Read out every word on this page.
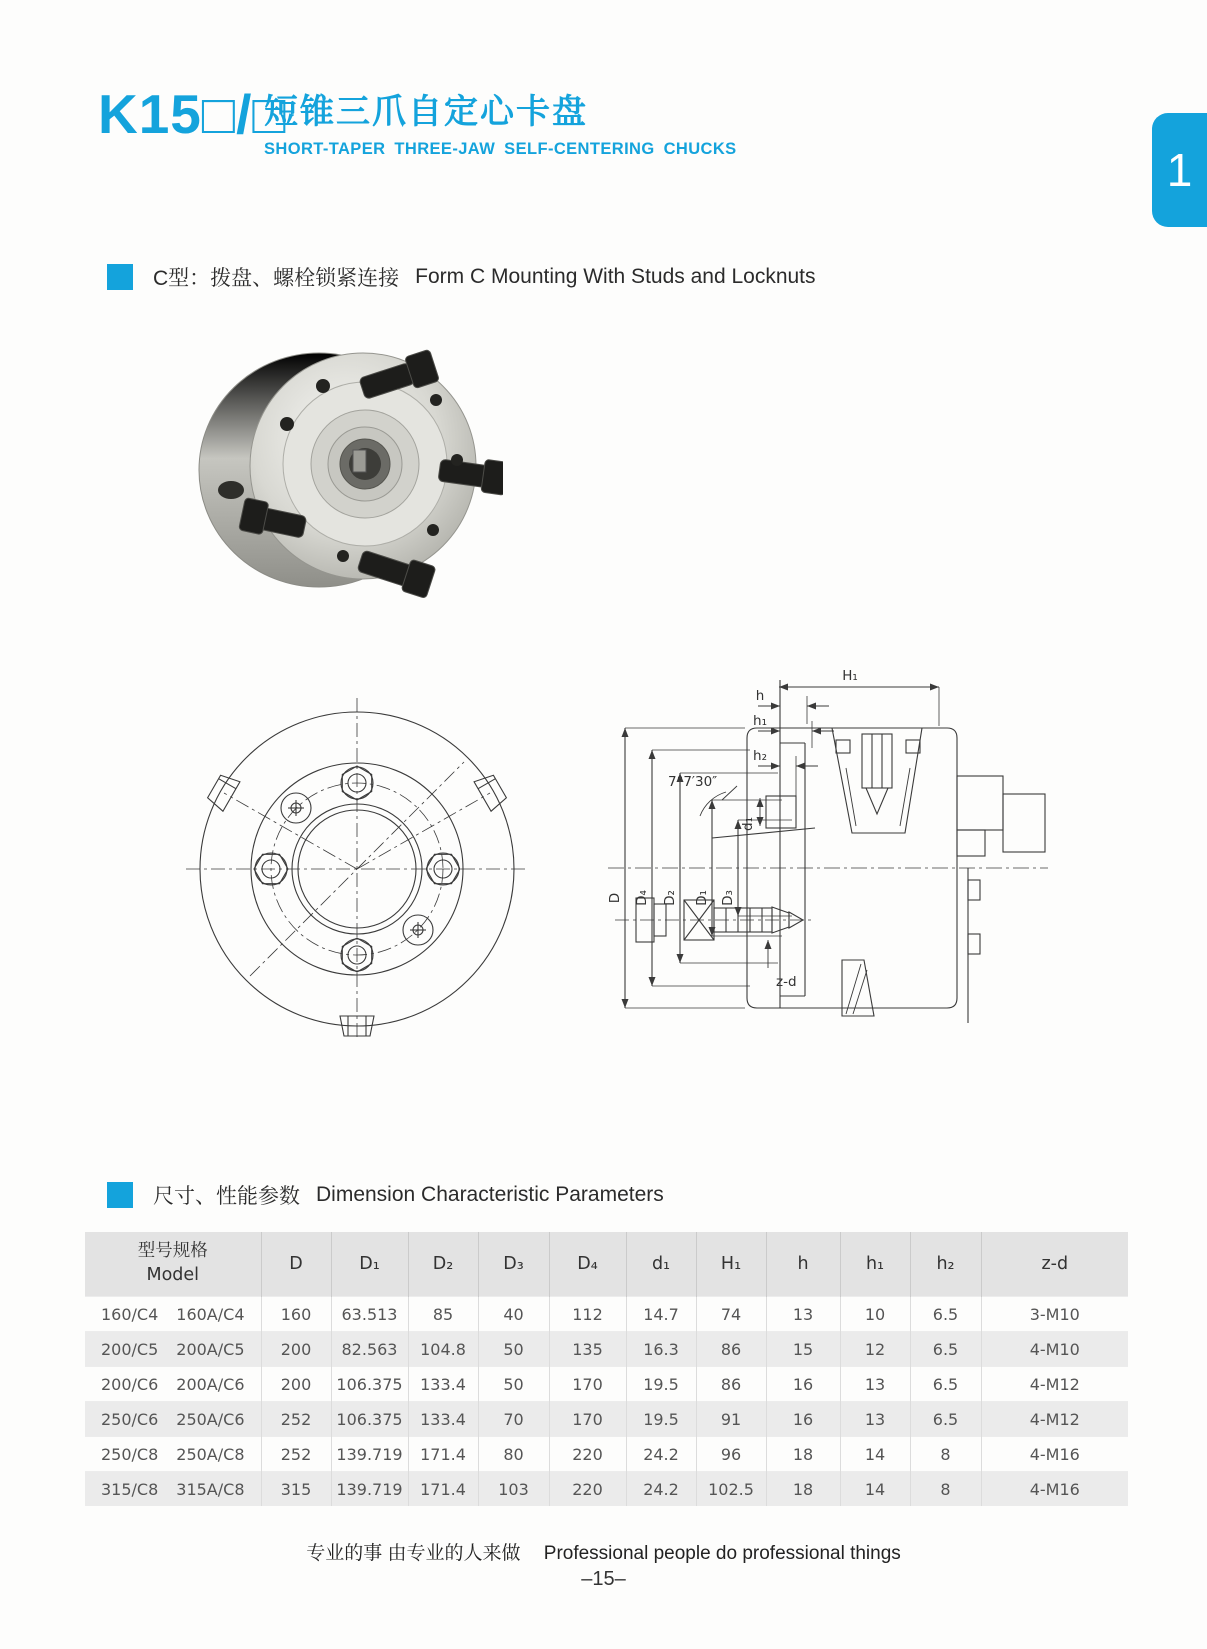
K15□/□
短锥三爪自定心卡盘
SHORT-TAPER THREE-JAW SELF-CENTERING CHUCKS	1
C型：拨盘、螺栓锁紧连接 Form C Mounting With Studs and Locknuts
H₁
h
h₁
h₂
7°7′30″
d₁
D D₄ D₂ D₁ D₃
z-d
尺寸、性能参数 Dimension Characteristic Parameters
型号规格
Model	D	D₁	D₂	D₃	D₄	d₁	H₁	h	h₁	h₂	z-d
160/C4 160A/C4	160	63.513	85	40	112	14.7	74	13	10	6.5	3-M10
200/C5 200A/C5	200	82.563	104.8	50	135	16.3	86	15	12	6.5	4-M10
200/C6 200A/C6	200	106.375	133.4	50	170	19.5	86	16	13	6.5	4-M12
250/C6 250A/C6	252	106.375	133.4	70	170	19.5	91	16	13	6.5	4-M12
250/C8 250A/C8	252	139.719	171.4	80	220	24.2	96	18	14	8	4-M16
315/C8 315A/C8	315	139.719	171.4	103	220	24.2	102.5	18	14	8	4-M16
专业的事 由专业的人来做 Professional people do professional things
–15–
